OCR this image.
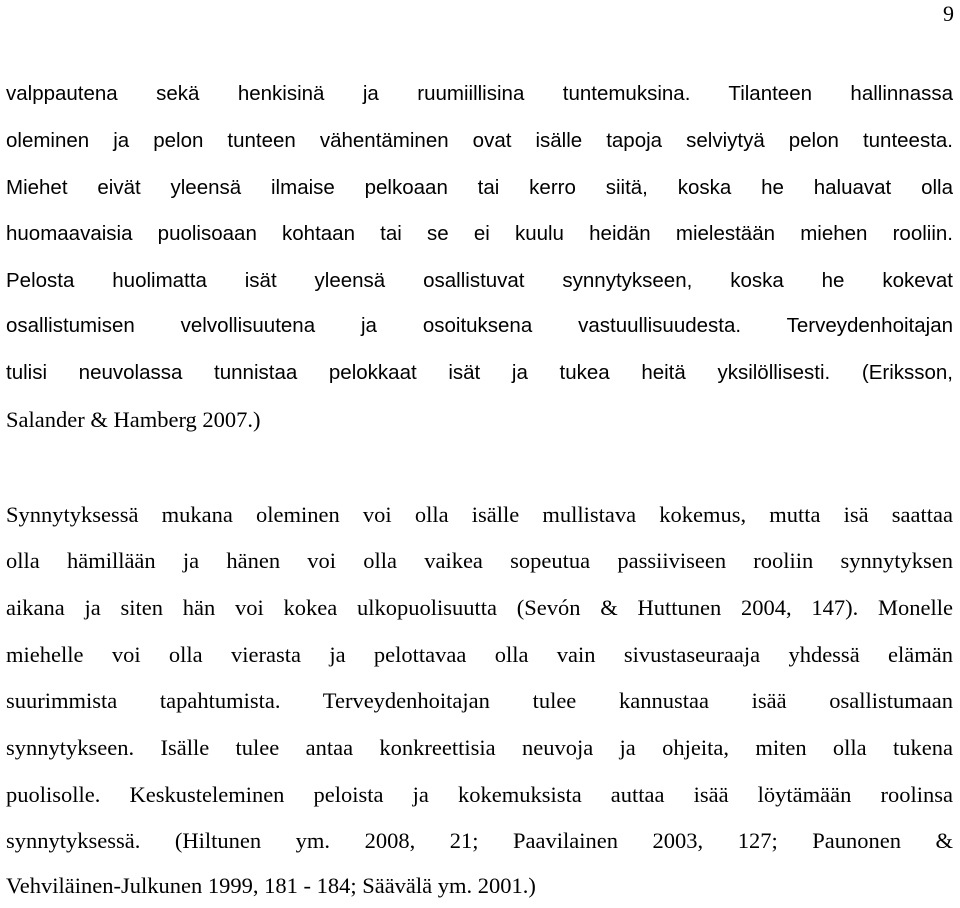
9
valppautena sekä henkisinä ja ruumiillisina tuntemuksina. Tilanteen hallinnassa
oleminen ja pelon tunteen vähentäminen ovat isälle tapoja selviytyä pelon tunteesta.
Miehet eivät yleensä ilmaise pelkoaan tai kerro siitä, koska he haluavat olla
huomaavaisia puolisoaan kohtaan tai se ei kuulu heidän mielestään miehen rooliin.
Pelosta huolimatta isät yleensä osallistuvat synnytykseen, koska he kokevat
osallistumisen velvollisuutena ja osoituksena vastuullisuudesta. Terveydenhoitajan
tulisi neuvolassa tunnistaa pelokkaat isät ja tukea heitä yksilöllisesti. (Eriksson,
Salander & Hamberg 2007.)
Synnytyksessä mukana oleminen voi olla isälle mullistava kokemus, mutta isä saattaa
olla hämillään ja hänen voi olla vaikea sopeutua passiiviseen rooliin synnytyksen
aikana ja siten hän voi kokea ulkopuolisuutta (Sevón & Huttunen 2004, 147). Monelle
miehelle voi olla vierasta ja pelottavaa olla vain sivustaseuraaja yhdessä elämän
suurimmista tapahtumista. Terveydenhoitajan tulee kannustaa isää osallistumaan
synnytykseen. Isälle tulee antaa konkreettisia neuvoja ja ohjeita, miten olla tukena
puolisolle. Keskusteleminen peloista ja kokemuksista auttaa isää löytämään roolinsa
synnytyksessä. (Hiltunen ym. 2008, 21; Paavilainen 2003, 127; Paunonen &
Vehviläinen-Julkunen 1999, 181 - 184; Säävälä ym. 2001.)
